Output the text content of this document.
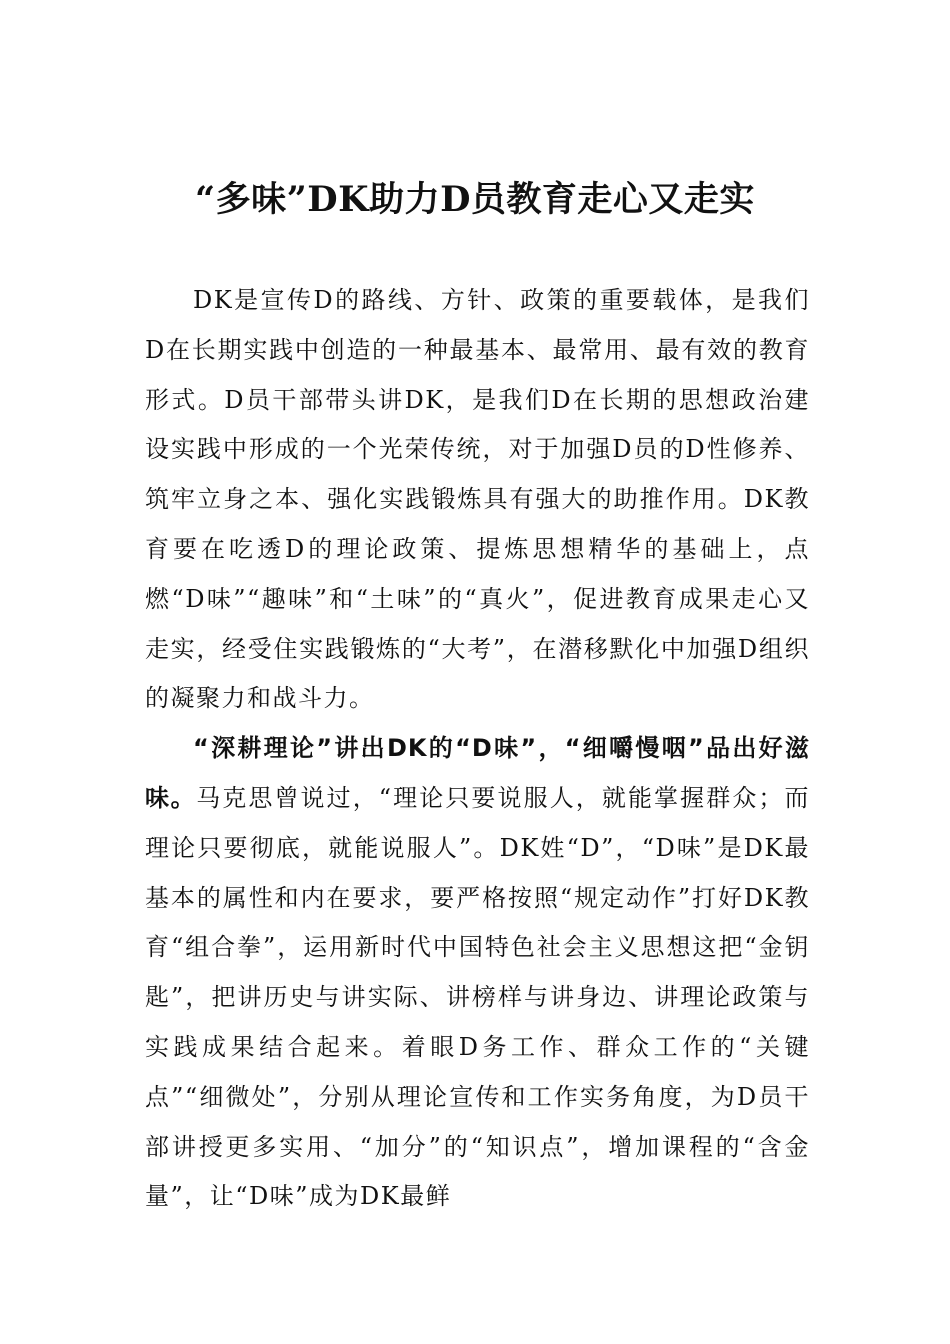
“多味”DK助力D员教育走心又走实

DK是宣传D的路线、方针、政策的重要载体，是我们D在长期实践中创造的一种最基本、最常用、最有效的教育形式。D员干部带头讲DK，是我们D在长期的思想政治建设实践中形成的一个光荣传统，对于加强D员的D性修养、筑牢立身之本、强化实践锻炼具有强大的助推作用。DK教育要在吃透D的理论政策、提炼思想精华的基础上，点燃“D味”“趣味”和“土味”的“真火”，促进教育成果走心又走实，经受住实践锻炼的“大考”，在潜移默化中加强D组织的凝聚力和战斗力。

“深耕理论”讲出DK的“D味”，“细嚼慢咽”品出好滋味。马克思曾说过，“理论只要说服人，就能掌握群众；而理论只要彻底，就能说服人”。DK姓“D”，“D味”是DK最基本的属性和内在要求，要严格按照“规定动作”打好DK教育“组合拳”，运用新时代中国特色社会主义思想这把“金钥匙”，把讲历史与讲实际、讲榜样与讲身边、讲理论政策与实践成果结合起来。着眼D务工作、群众工作的“关键点”“细微处”，分别从理论宣传和工作实务角度，为D员干部讲授更多实用、“加分”的“知识点”，增加课程的“含金量”，让“D味”成为DK最鲜
